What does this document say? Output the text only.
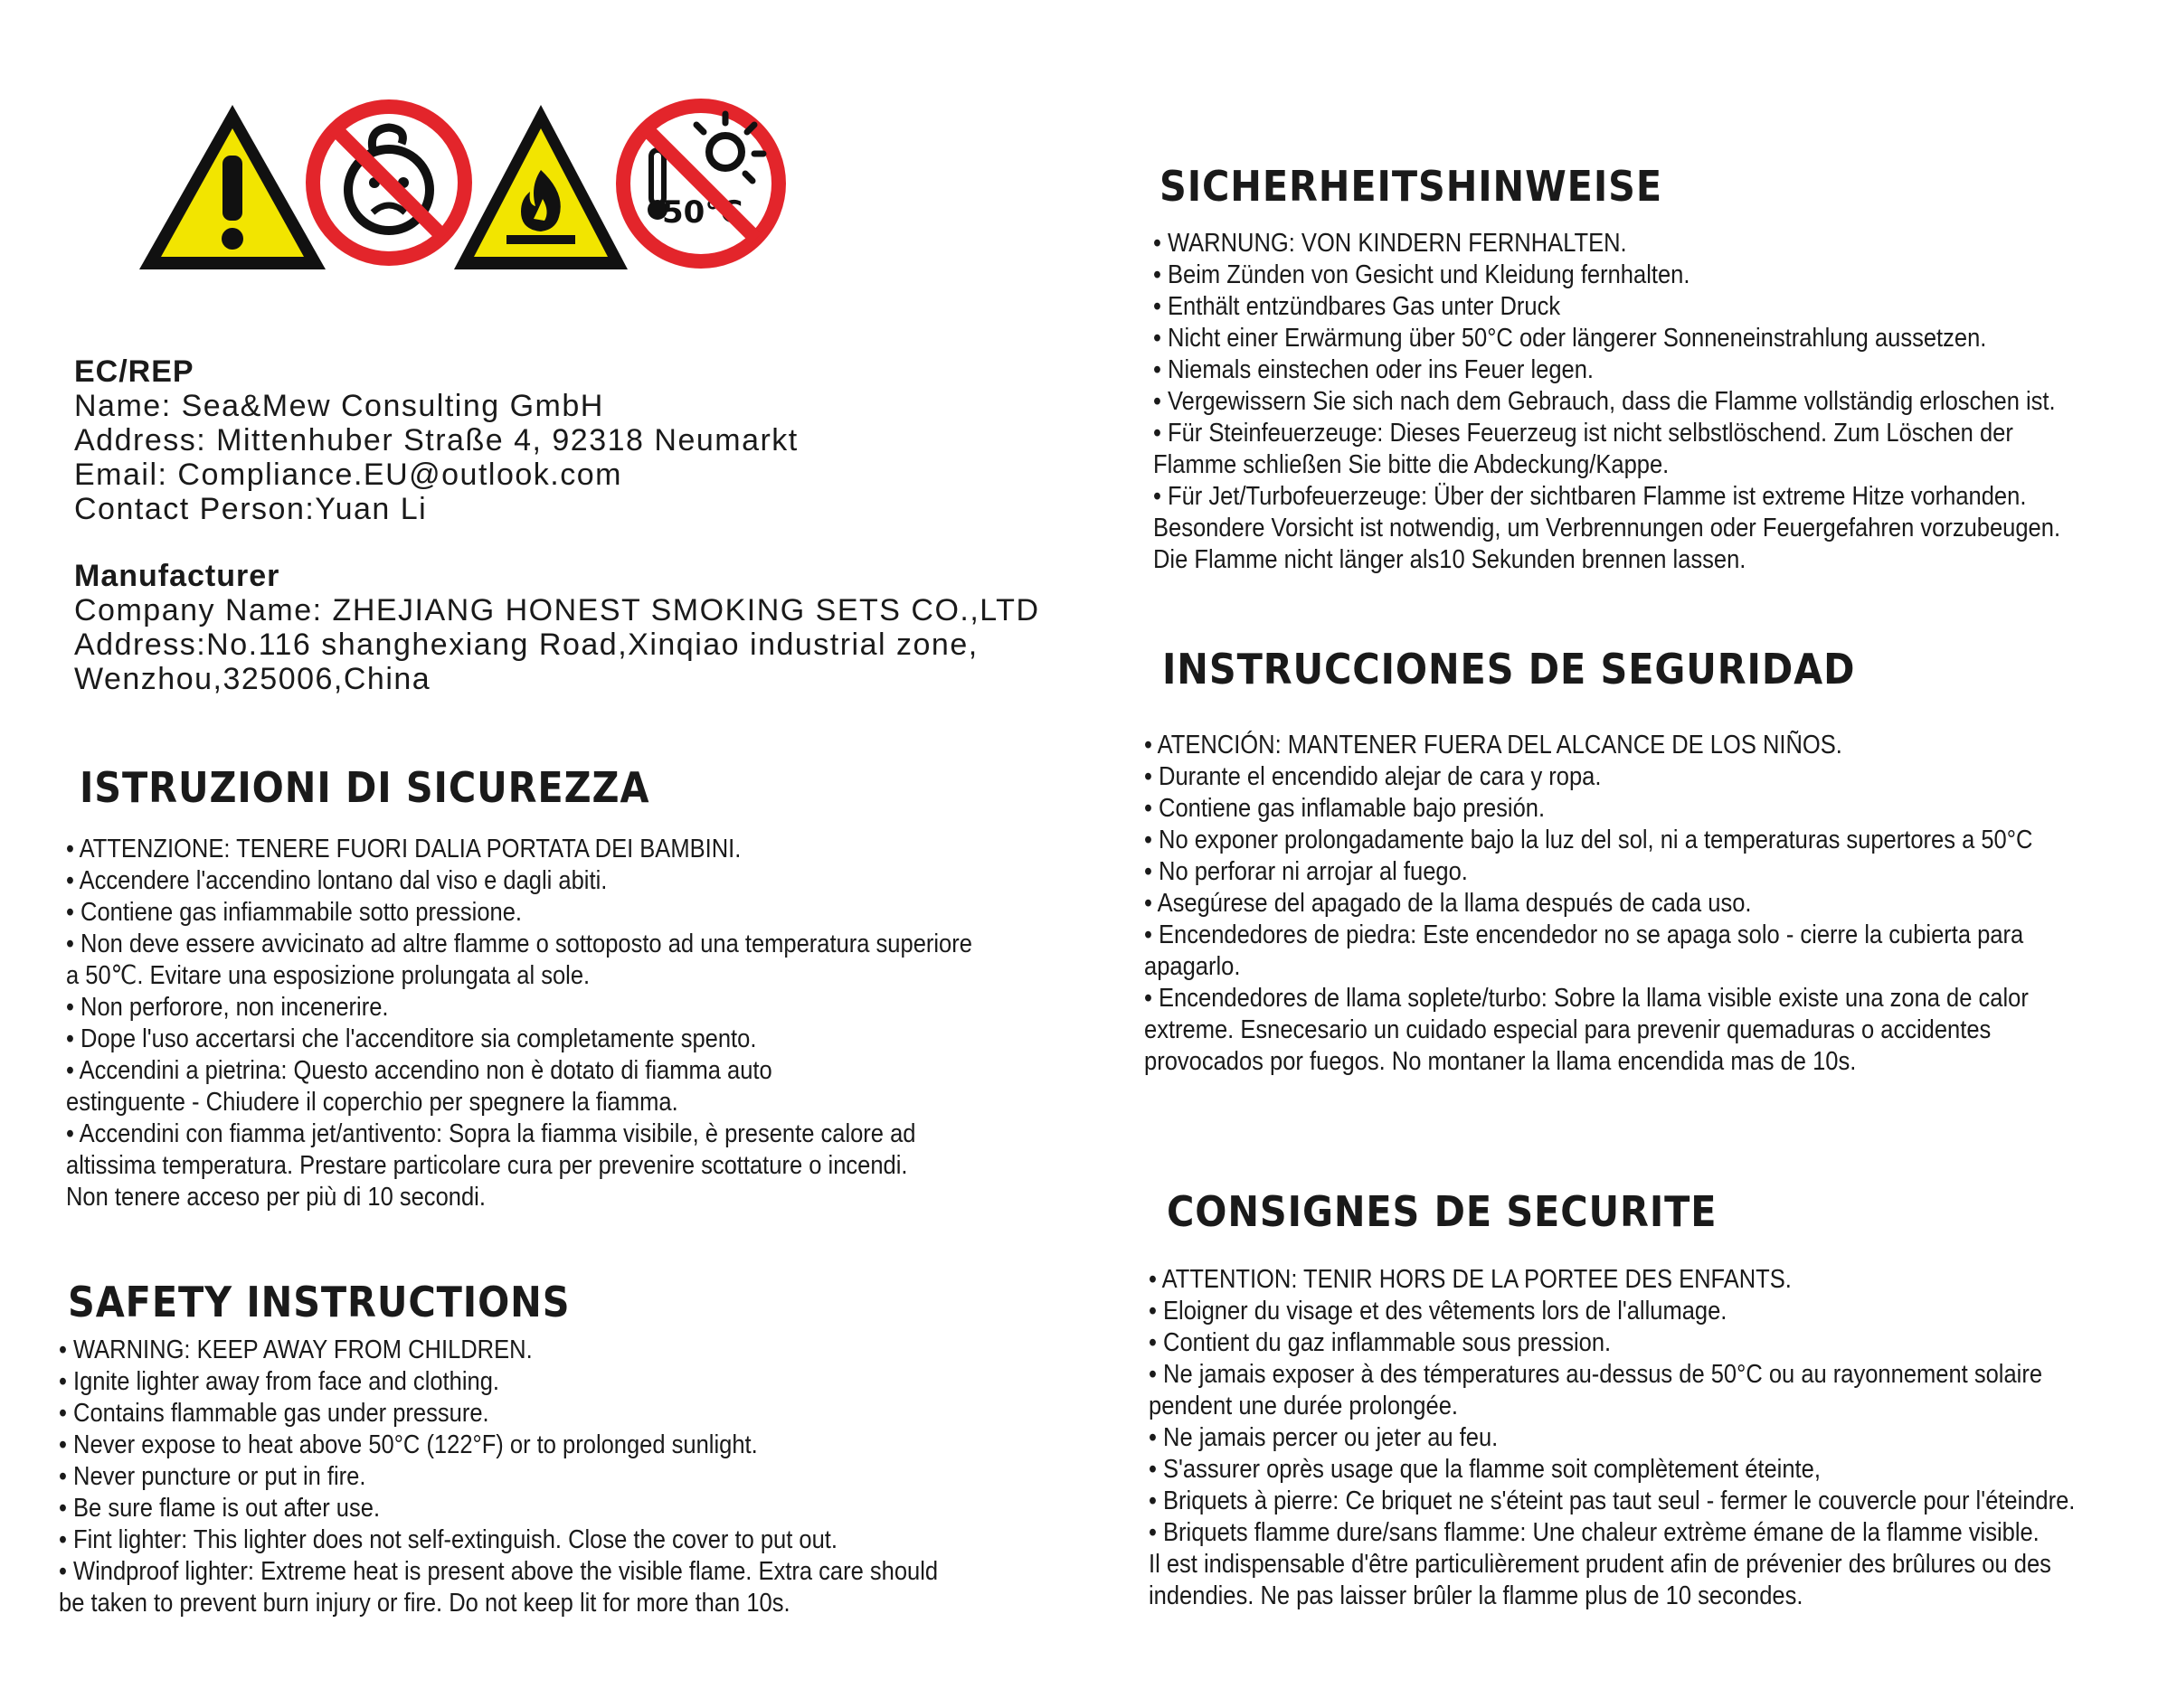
50°C
EC/REP
Name: Sea&Mew Consulting GmbH
Address: Mittenhuber Straße 4, 92318 Neumarkt
Email: Compliance.EU@outlook.com
Contact Person:Yuan Li
Manufacturer
Company Name: ZHEJIANG HONEST SMOKING SETS CO.,LTD
Address:No.116 shanghexiang Road,Xinqiao industrial zone,
Wenzhou,325006,China
ISTRUZIONI DI SICUREZZA
• ATTENZIONE: TENERE FUORI DALIA PORTATA DEI BAMBINI.
• Accendere l'accendino lontano dal viso e dagli abiti.
• Contiene gas infiammabile sotto pressione.
• Non deve essere avvicinato ad altre flamme o sottoposto ad una temperatura superiore
a 50℃. Evitare una esposizione prolungata al sole.
• Non perforore, non incenerire.
• Dope l'uso accertarsi che l'accenditore sia completamente spento.
• Accendini a pietrina: Questo accendino non è dotato di fiamma auto
estinguente - Chiudere il coperchio per spegnere la fiamma.
• Accendini con fiamma jet/antivento: Sopra la fiamma visibile, è presente calore ad
altissima temperatura. Prestare particolare cura per prevenire scottature o incendi.
Non tenere acceso per più di 10 secondi.
SAFETY INSTRUCTIONS
• WARNING: KEEP AWAY FROM CHILDREN.
• Ignite lighter away from face and clothing.
• Contains flammable gas under pressure.
• Never expose to heat above 50°C (122°F) or to prolonged sunlight.
• Never puncture or put in fire.
• Be sure flame is out after use.
• Fint lighter: This lighter does not self-extinguish. Close the cover to put out.
• Windproof lighter: Extreme heat is present above the visible flame. Extra care should
be taken to prevent burn injury or fire. Do not keep lit for more than 10s.
SICHERHEITSHINWEISE
• WARNUNG: VON KINDERN FERNHALTEN.
• Beim Zünden von Gesicht und Kleidung fernhalten.
• Enthält entzündbares Gas unter Druck
• Nicht einer Erwärmung über 50°C oder längerer Sonneneinstrahlung aussetzen.
• Niemals einstechen oder ins Feuer legen.
• Vergewissern Sie sich nach dem Gebrauch, dass die Flamme vollständig erloschen ist.
• Für Steinfeuerzeuge: Dieses Feuerzeug ist nicht selbstlöschend. Zum Löschen der
Flamme schließen Sie bitte die Abdeckung/Kappe.
• Für Jet/Turbofeuerzeuge: Über der sichtbaren Flamme ist extreme Hitze vorhanden.
Besondere Vorsicht ist notwendig, um Verbrennungen oder Feuergefahren vorzubeugen.
Die Flamme nicht länger als10 Sekunden brennen lassen.
INSTRUCCIONES DE SEGURIDAD
• ATENCIÓN: MANTENER FUERA DEL ALCANCE DE LOS NIÑOS.
• Durante el encendido alejar de cara y ropa.
• Contiene gas inflamable bajo presión.
• No exponer prolongadamente bajo la luz del sol, ni a temperaturas supertores a 50°C
• No perforar ni arrojar al fuego.
• Asegúrese del apagado de la llama después de cada uso.
• Encendedores de piedra: Este encendedor no se apaga solo - cierre la cubierta para
apagarlo.
• Encendedores de llama soplete/turbo: Sobre la llama visible existe una zona de calor
extreme. Esnecesario un cuidado especial para prevenir quemaduras o accidentes
provocados por fuegos. No montaner la llama encendida mas de 10s.
CONSIGNES DE SECURITE
• ATTENTION: TENIR HORS DE LA PORTEE DES ENFANTS.
• Eloigner du visage et des vêtements lors de l'allumage.
• Contient du gaz inflammable sous pression.
• Ne jamais exposer à des témperatures au-dessus de 50°C ou au rayonnement solaire
pendent une durée prolongée.
• Ne jamais percer ou jeter au feu.
• S'assurer oprès usage que la flamme soit complètement éteinte,
• Briquets à pierre: Ce briquet ne s'éteint pas taut seul - fermer le couvercle pour l'éteindre.
• Briquets flamme dure/sans flamme: Une chaleur extrème émane de la flamme visible.
Il est indispensable d'être particulièrement prudent afin de prévenier des brûlures ou des
indendies. Ne pas laisser brûler la flamme plus de 10 secondes.
